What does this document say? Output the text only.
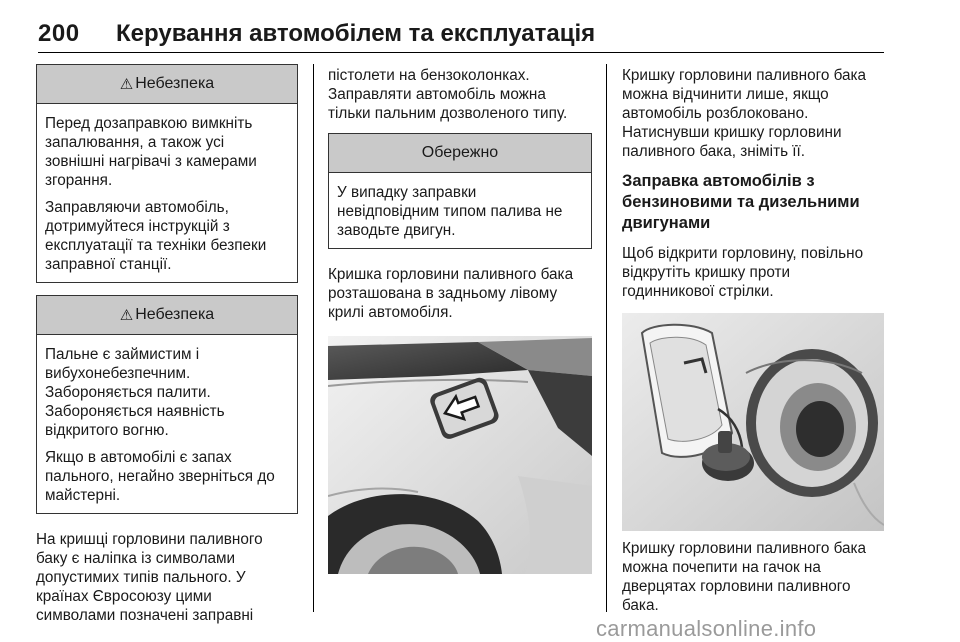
200 Керування автомобілем та експлуатація
⚠ Небезпека

Перед дозаправкою вимкніть
запалювання, а також усі
зовнішні нагрівачі з камерами
згорання.

Заправляючи автомобіль,
дотримуйтеся інструкцій з
експлуатації та техніки безпеки
заправної станції.

⚠ Небезпека

Пальне є займистим і
вибухонебезпечним.
Забороняється палити.
Забороняється наявність
відкритого вогню.

Якщо в автомобілі є запах
пального, негайно зверніться до
майстерні.

На кришці горловини паливного
баку є наліпка із символами
допустимих типів пального. У
країнах Євросоюзу цими
символами позначені заправні

пістолети на бензоколонках.
Заправляти автомобіль можна
тільки пальним дозволеного типу.

Обережно

У випадку заправки
невідповідним типом палива не
заводьте двигун.

Кришка горловини паливного бака
розташована в задньому лівому
крилі автомобіля.

Кришку горловини паливного бака
можна відчинити лише, якщо
автомобіль розблоковано.
Натиснувши кришку горловини
паливного бака, зніміть її.

Заправка автомобілів з
бензиновими та дизельними
двигунами

Щоб відкрити горловину, повільно
відкрутіть кришку проти
годинникової стрілки.

Кришку горловини паливного бака
можна почепити на гачок на
дверцятах горловини паливного
бака.

carmanualsonline.info
